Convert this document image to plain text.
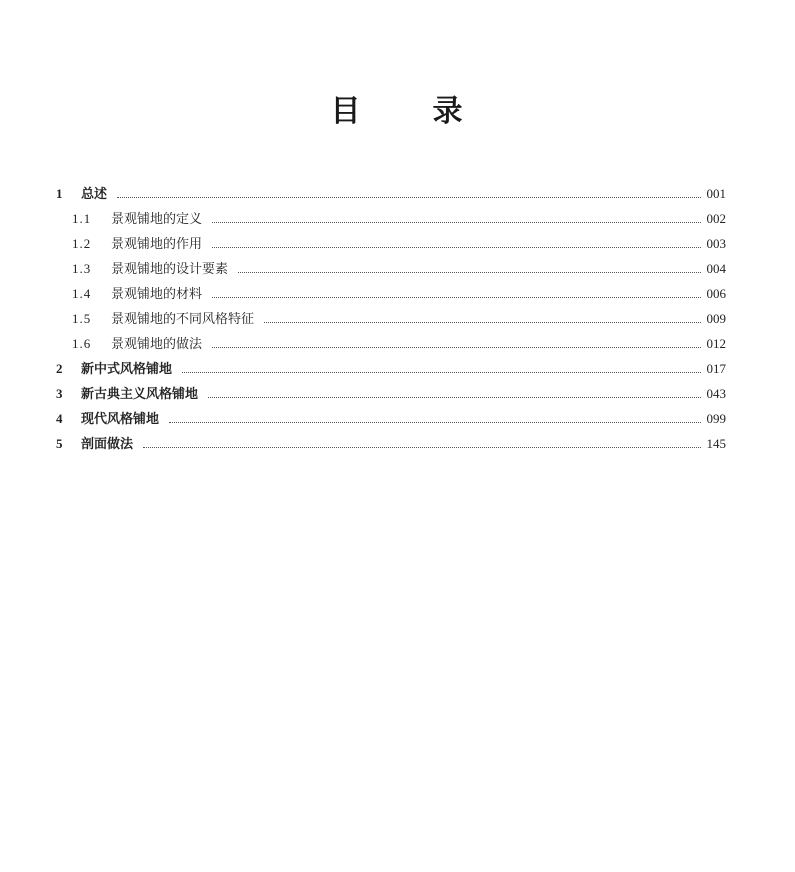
目 录
1	总述	001
1.1	景观铺地的定义	002
1.2	景观铺地的作用	003
1.3	景观铺地的设计要素	004
1.4	景观铺地的材料	006
1.5	景观铺地的不同风格特征	009
1.6	景观铺地的做法	012
2	新中式风格铺地	017
3	新古典主义风格铺地	043
4	现代风格铺地	099
5	剖面做法	145
